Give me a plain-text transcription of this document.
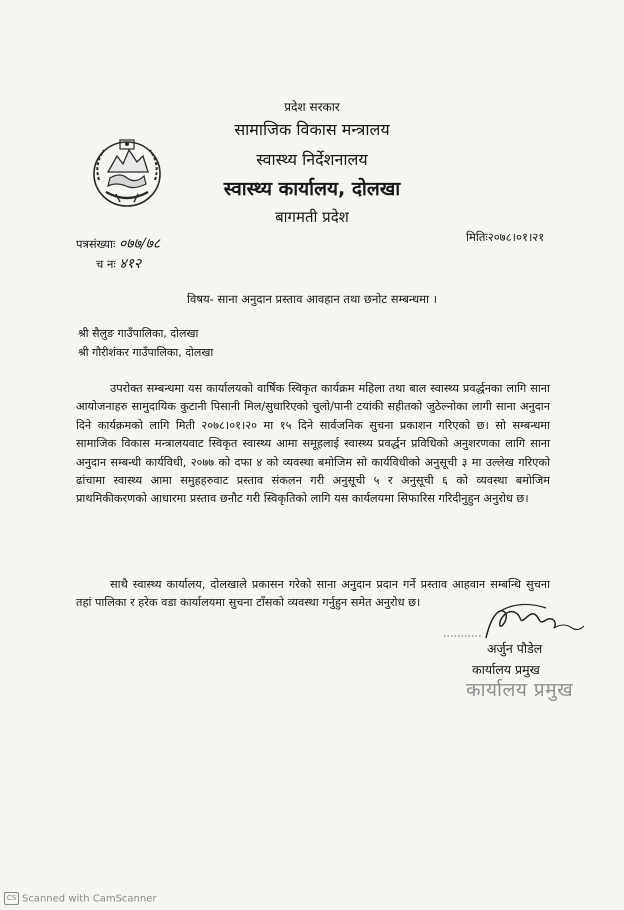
प्रदेश सरकार
सामाजिक विकास मन्त्रालय
स्वास्थ्य निर्देशनालय
स्वास्थ्य कार्यालय, दोलखा
बागमती प्रदेश
पत्रसंख्याः ०७७/७८	मितिः२०७८।०१।२१
च नः ४१२
विषय- साना अनुदान प्रस्ताव आवहान तथा छनोट सम्बन्धमा ।
श्री सैलुङ गाउँपालिका, दोलखा
श्री गौरीशंकर गाउँपालिका, दोलखा
उपरोक्त सम्बन्धमा यस कार्यालयको वार्षिक स्विकृत कार्यक्रम महिला तथा बाल स्वास्थ्य प्रवर्द्धनका लागि साना आयोजनाहरु सामुदायिक कुटानी पिसानी मिल/सुधारिएको चुलो/पानी टयांकी सहीतको जुठेल्नोका लागी साना अनुदान दिने कार्यक्रमको लागि मिती २०७८।०१।२० मा १५ दिने सार्वजनिक सुचना प्रकाशन गरिएको छ। सो सम्बन्धमा सामाजिक विकास मन्त्रालयवाट स्विकृत स्वास्थ्य आमा समूहलाई स्वास्थ्य प्रवर्द्धन प्रविधिको अनुशरणका लागि साना अनुदान सम्बन्धी कार्यविधी, २०७७ को दफा ४ को व्यवस्था बमोजिम सो कार्यविधीको अनुसूची ३ मा उल्लेख गरिएको ढांचामा स्वास्थ्य आमा समुहहरुवाट प्रस्ताव संकलन गरी अनुसूची ५ र अनुसूची ६ को व्यवस्था बमोजिम प्राथमिकीकरणको आधारमा प्रस्ताव छनौट गरी स्विकृतिको लागि यस कार्यलयमा सिफारिस गरिदीनुहुन अनुरोध छ।
साथै स्वास्थ्य कार्यालय, दोलखाले प्रकासन गरेको साना अनुदान प्रदान गर्ने प्रस्ताव आहवान सम्बन्धि सुचना तहां पालिका र हरेक वडा कार्यालयमा सुचना टाँसको व्यवस्था गर्नुहुन समेत अनुरोध छ।
अर्जुन पौडेल
कार्यालय प्रमुख
कार्यालय प्रमुख
CS Scanned with CamScanner
